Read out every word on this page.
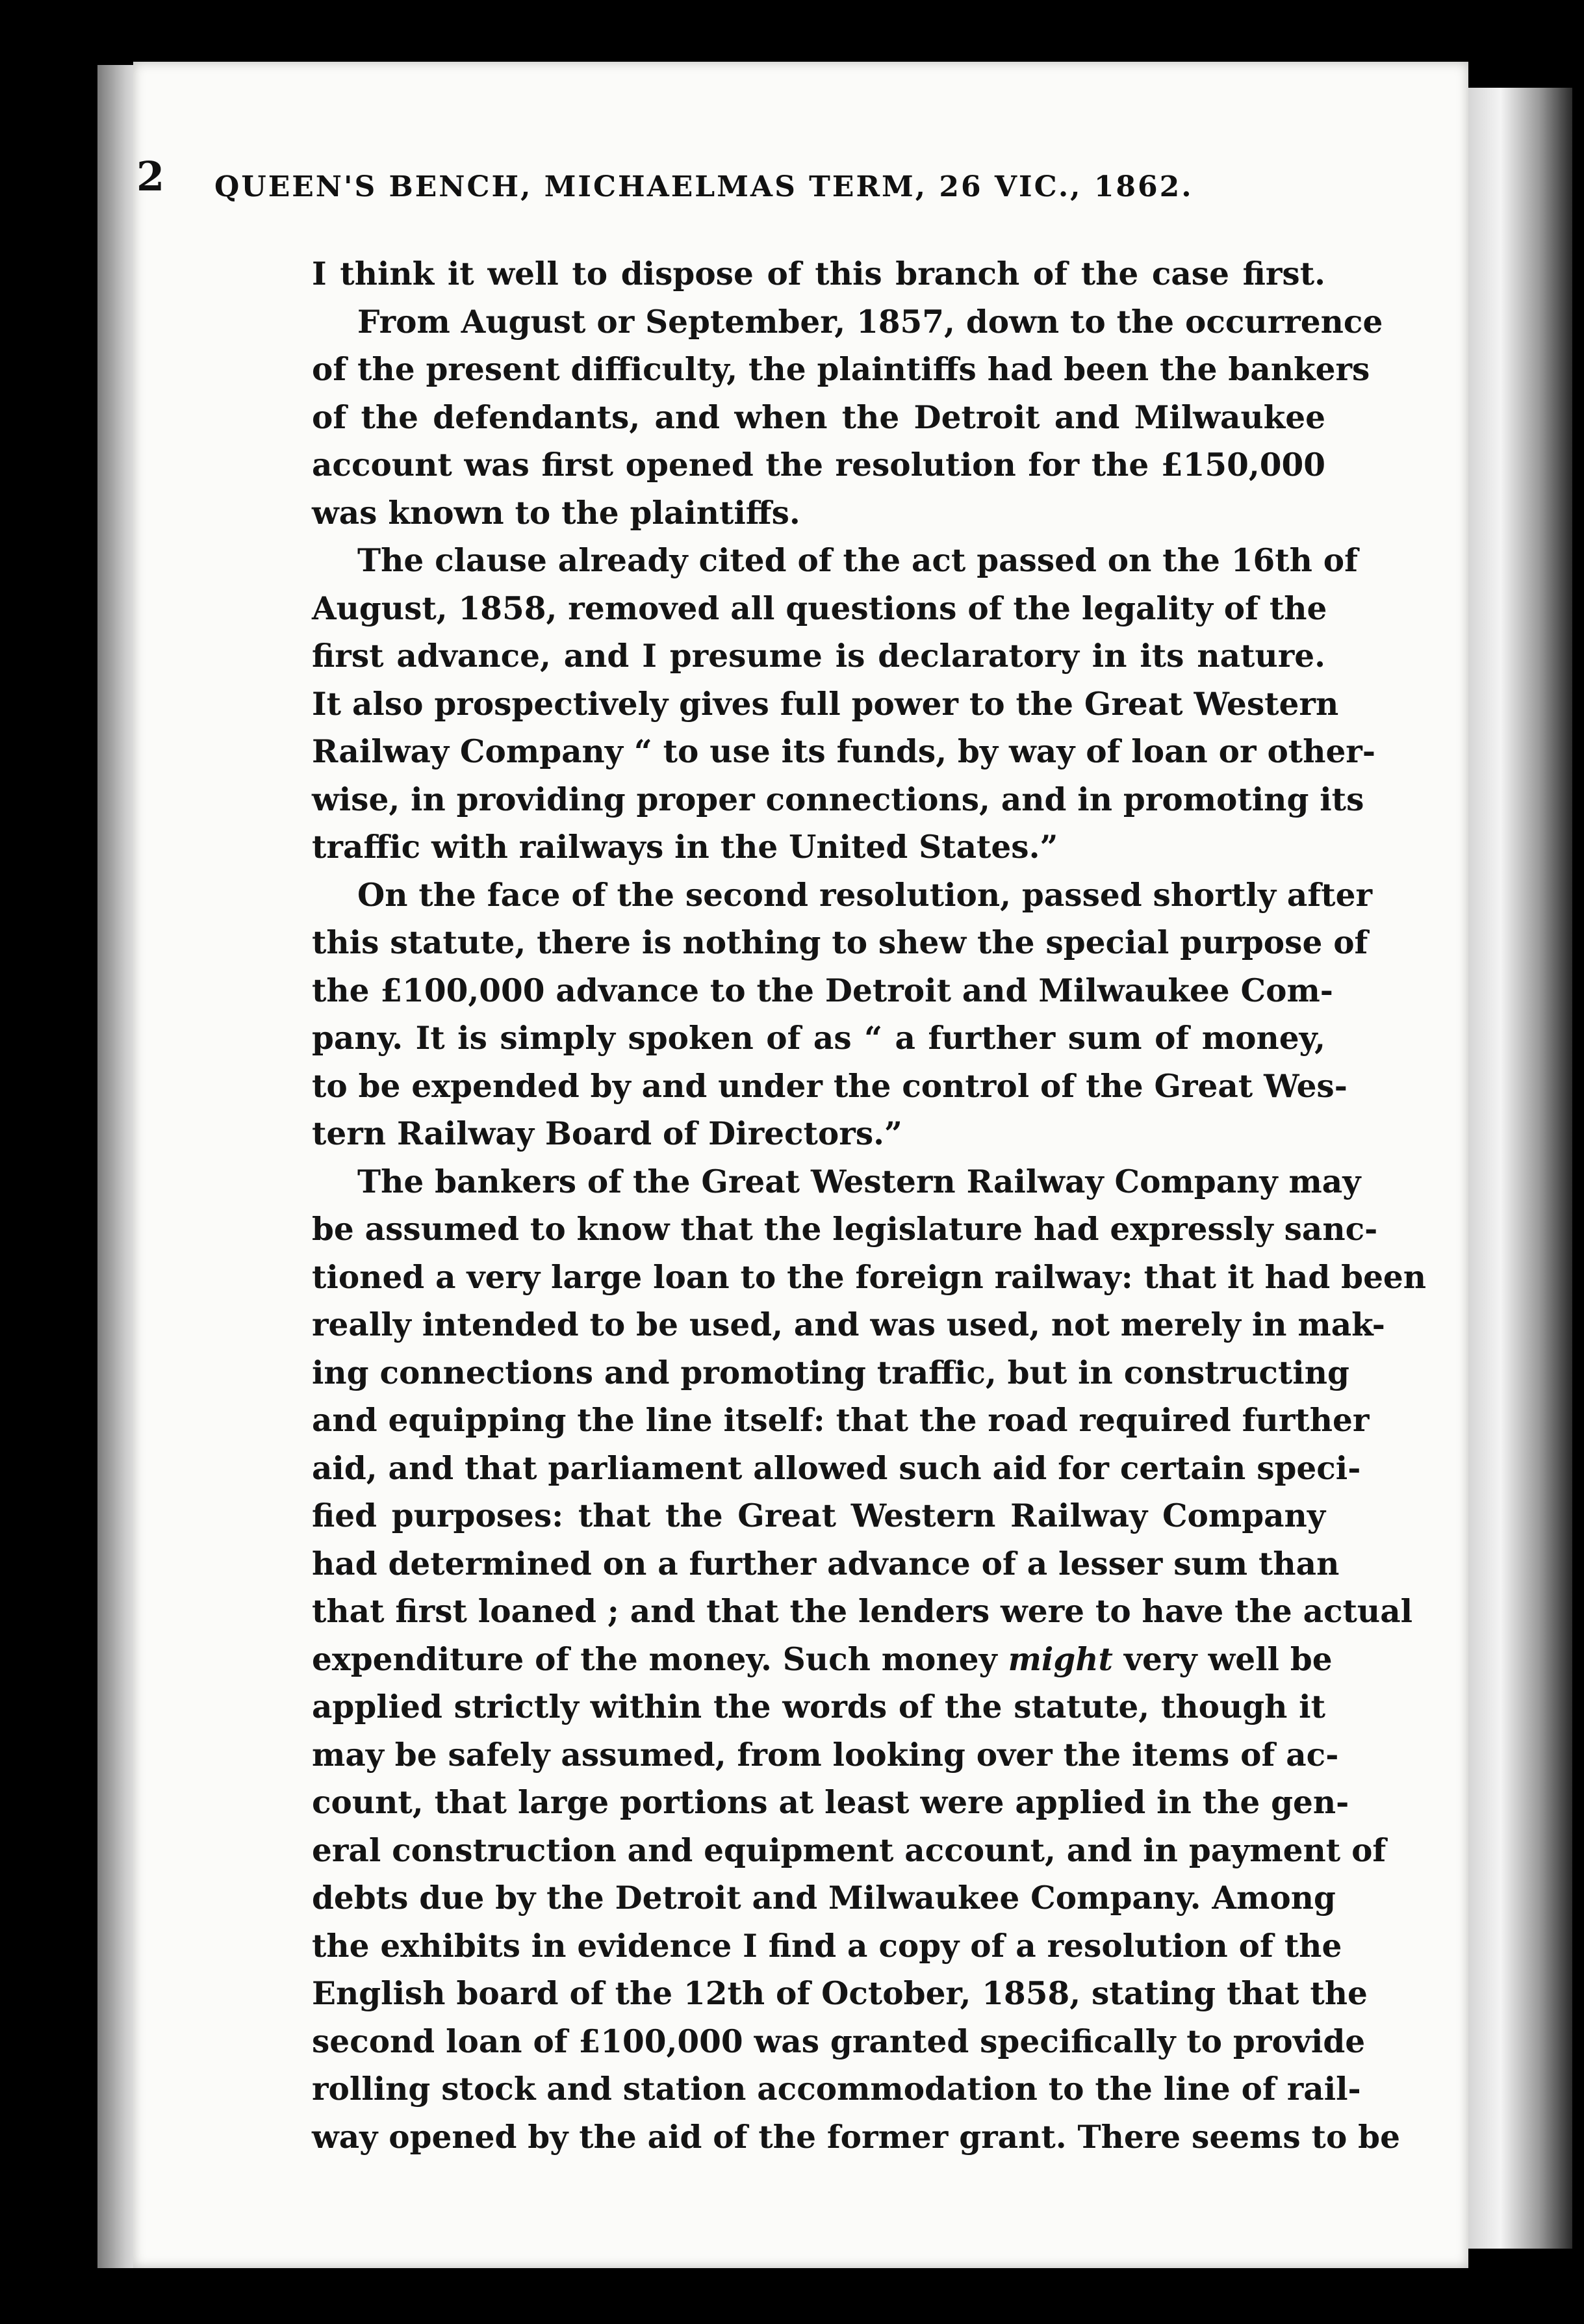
2 QUEEN'S BENCH, MICHAELMAS TERM, 26 VIC., 1862.
I think it well to dispose of this branch of the case first.
From August or September, 1857, down to the occurrence
of the present difficulty, the plaintiffs had been the bankers
of the defendants, and when the Detroit and Milwaukee
account was first opened the resolution for the £150,000
was known to the plaintiffs.
The clause already cited of the act passed on the 16th of
August, 1858, removed all questions of the legality of the
first advance, and I presume is declaratory in its nature.
It also prospectively gives full power to the Great Western
Railway Company “ to use its funds, by way of loan or other-
wise, in providing proper connections, and in promoting its
traffic with railways in the United States.”
On the face of the second resolution, passed shortly after
this statute, there is nothing to shew the special purpose of
the £100,000 advance to the Detroit and Milwaukee Com-
pany. It is simply spoken of as “ a further sum of money,
to be expended by and under the control of the Great Wes-
tern Railway Board of Directors.”
The bankers of the Great Western Railway Company may
be assumed to know that the legislature had expressly sanc-
tioned a very large loan to the foreign railway: that it had been
really intended to be used, and was used, not merely in mak-
ing connections and promoting traffic, but in constructing
and equipping the line itself: that the road required further
aid, and that parliament allowed such aid for certain speci-
fied purposes: that the Great Western Railway Company
had determined on a further advance of a lesser sum than
that first loaned ; and that the lenders were to have the actual
expenditure of the money. Such money might very well be
applied strictly within the words of the statute, though it
may be safely assumed, from looking over the items of ac-
count, that large portions at least were applied in the gen-
eral construction and equipment account, and in payment of
debts due by the Detroit and Milwaukee Company. Among
the exhibits in evidence I find a copy of a resolution of the
English board of the 12th of October, 1858, stating that the
second loan of £100,000 was granted specifically to provide
rolling stock and station accommodation to the line of rail-
way opened by the aid of the former grant. There seems to be
